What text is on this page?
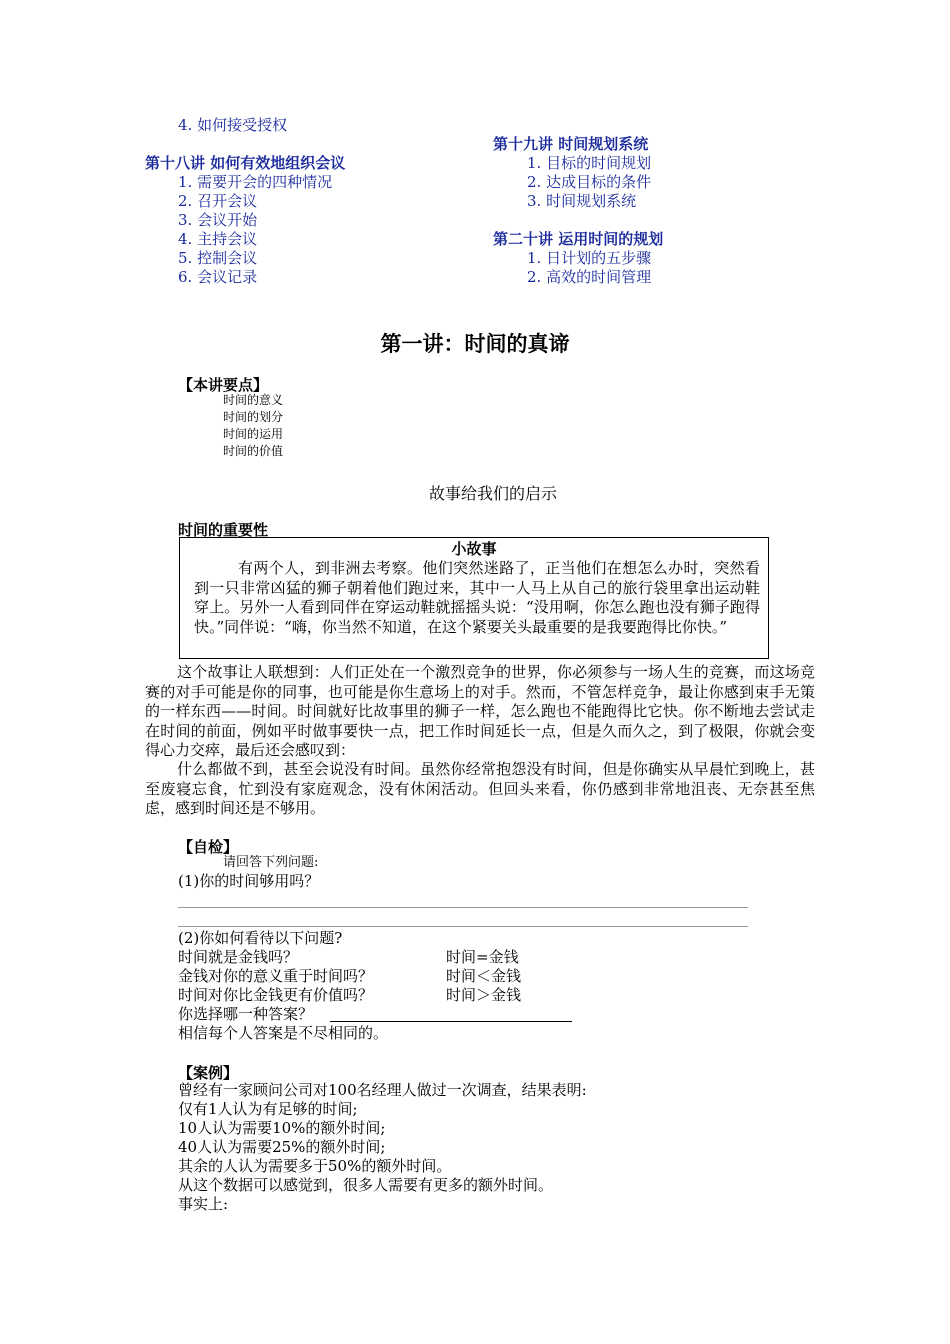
4. 如何接受授权
第十八讲 如何有效地组织会议
1. 需要开会的四种情况
2. 召开会议
3. 会议开始
4. 主持会议
5. 控制会议
6. 会议记录
第十九讲 时间规划系统
1. 目标的时间规划
2. 达成目标的条件
3. 时间规划系统
第二十讲 运用时间的规划
1. 日计划的五步骤
2. 高效的时间管理
第一讲：时间的真谛
【本讲要点】
时间的意义
时间的划分
时间的运用
时间的价值
故事给我们的启示
时间的重要性
小故事
有两个人，到非洲去考察。他们突然迷路了，正当他们在想怎么办时，突然看到一只非常凶猛的狮子朝着他们跑过来，其中一人马上从自己的旅行袋里拿出运动鞋穿上。另外一人看到同伴在穿运动鞋就摇摇头说：“没用啊，你怎么跑也没有狮子跑得快。”同伴说：“嗨，你当然不知道，在这个紧要关头最重要的是我要跑得比你快。”
这个故事让人联想到：人们正处在一个激烈竞争的世界，你必须参与一场人生的竞赛，而这场竞赛的对手可能是你的同事，也可能是你生意场上的对手。然而，不管怎样竞争，最让你感到束手无策的一样东西——时间。时间就好比故事里的狮子一样，怎么跑也不能跑得比它快。你不断地去尝试走在时间的前面，例如平时做事要快一点，把工作时间延长一点，但是久而久之，到了极限，你就会变得心力交瘁，最后还会感叹到：
什么都做不到，甚至会说没有时间。虽然你经常抱怨没有时间，但是你确实从早晨忙到晚上，甚至废寝忘食，忙到没有家庭观念，没有休闲活动。但回头来看，你仍感到非常地沮丧、无奈甚至焦虑，感到时间还是不够用。
【自检】
请回答下列问题:
(1)你的时间够用吗？
(2)你如何看待以下问题?
时间就是金钱吗？	时间=金钱
金钱对你的意义重于时间吗？	时间＜金钱
时间对你比金钱更有价值吗？	时间＞金钱
你选择哪一种答案？
相信每个人答案是不尽相同的。
【案例】
曾经有一家顾问公司对100名经理人做过一次调查，结果表明:
仅有1人认为有足够的时间;
10人认为需要10%的额外时间;
40人认为需要25%的额外时间;
其余的人认为需要多于50%的额外时间。
从这个数据可以感觉到，很多人需要有更多的额外时间。
事实上:
